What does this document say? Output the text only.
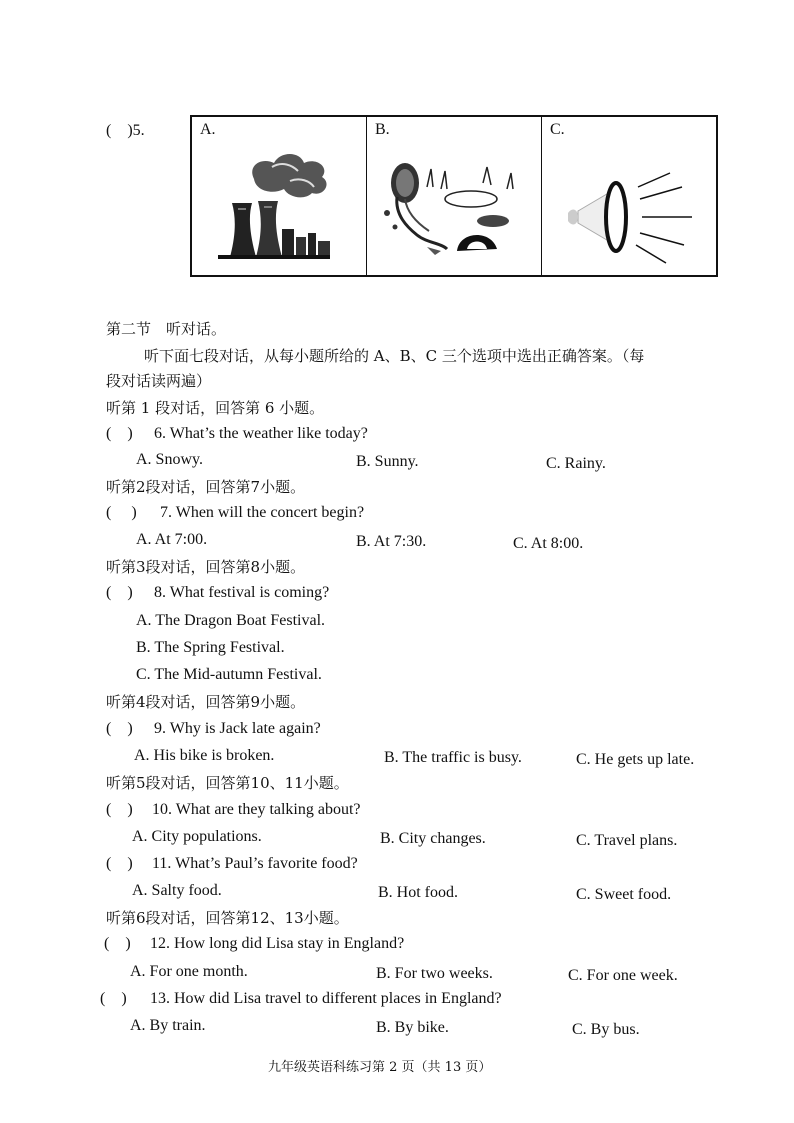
(　)5.	A.	B.	C.
第二节　听对话。
听下面七段对话，从每小题所给的 A、B、C 三个选项中选出正确答案。（每
段对话读两遍）
听第 1 段对话，回答第 6 小题。
(　) 6. What’s the weather like today?
A. Snowy.	B. Sunny.	C. Rainy.
听第2段对话，回答第7小题。
(　 ) 7. When will the concert begin?
A. At 7:00.	B. At 7:30.	C. At 8:00.
听第3段对话，回答第8小题。
(　) 8. What festival is coming?
A. The Dragon Boat Festival.
B. The Spring Festival.
C. The Mid-autumn Festival.
听第4段对话，回答第9小题。
(　) 9. Why is Jack late again?
A. His bike is broken.	B. The traffic is busy.	C. He gets up late.
听第5段对话，回答第10、11小题。
(　) 10. What are they talking about?
A. City populations.	B. City changes.	C. Travel plans.
(　) 11. What’s Paul’s favorite food?
A. Salty food.	B. Hot food.	C. Sweet food.
听第6段对话，回答第12、13小题。
(　) 12. How long did Lisa stay in England?
A. For one month.	B. For two weeks.	C. For one week.
(　) 13. How did Lisa travel to different places in England?
A. By train.	B. By bike.	C. By bus.
九年级英语科练习第 2 页（共 13 页）
